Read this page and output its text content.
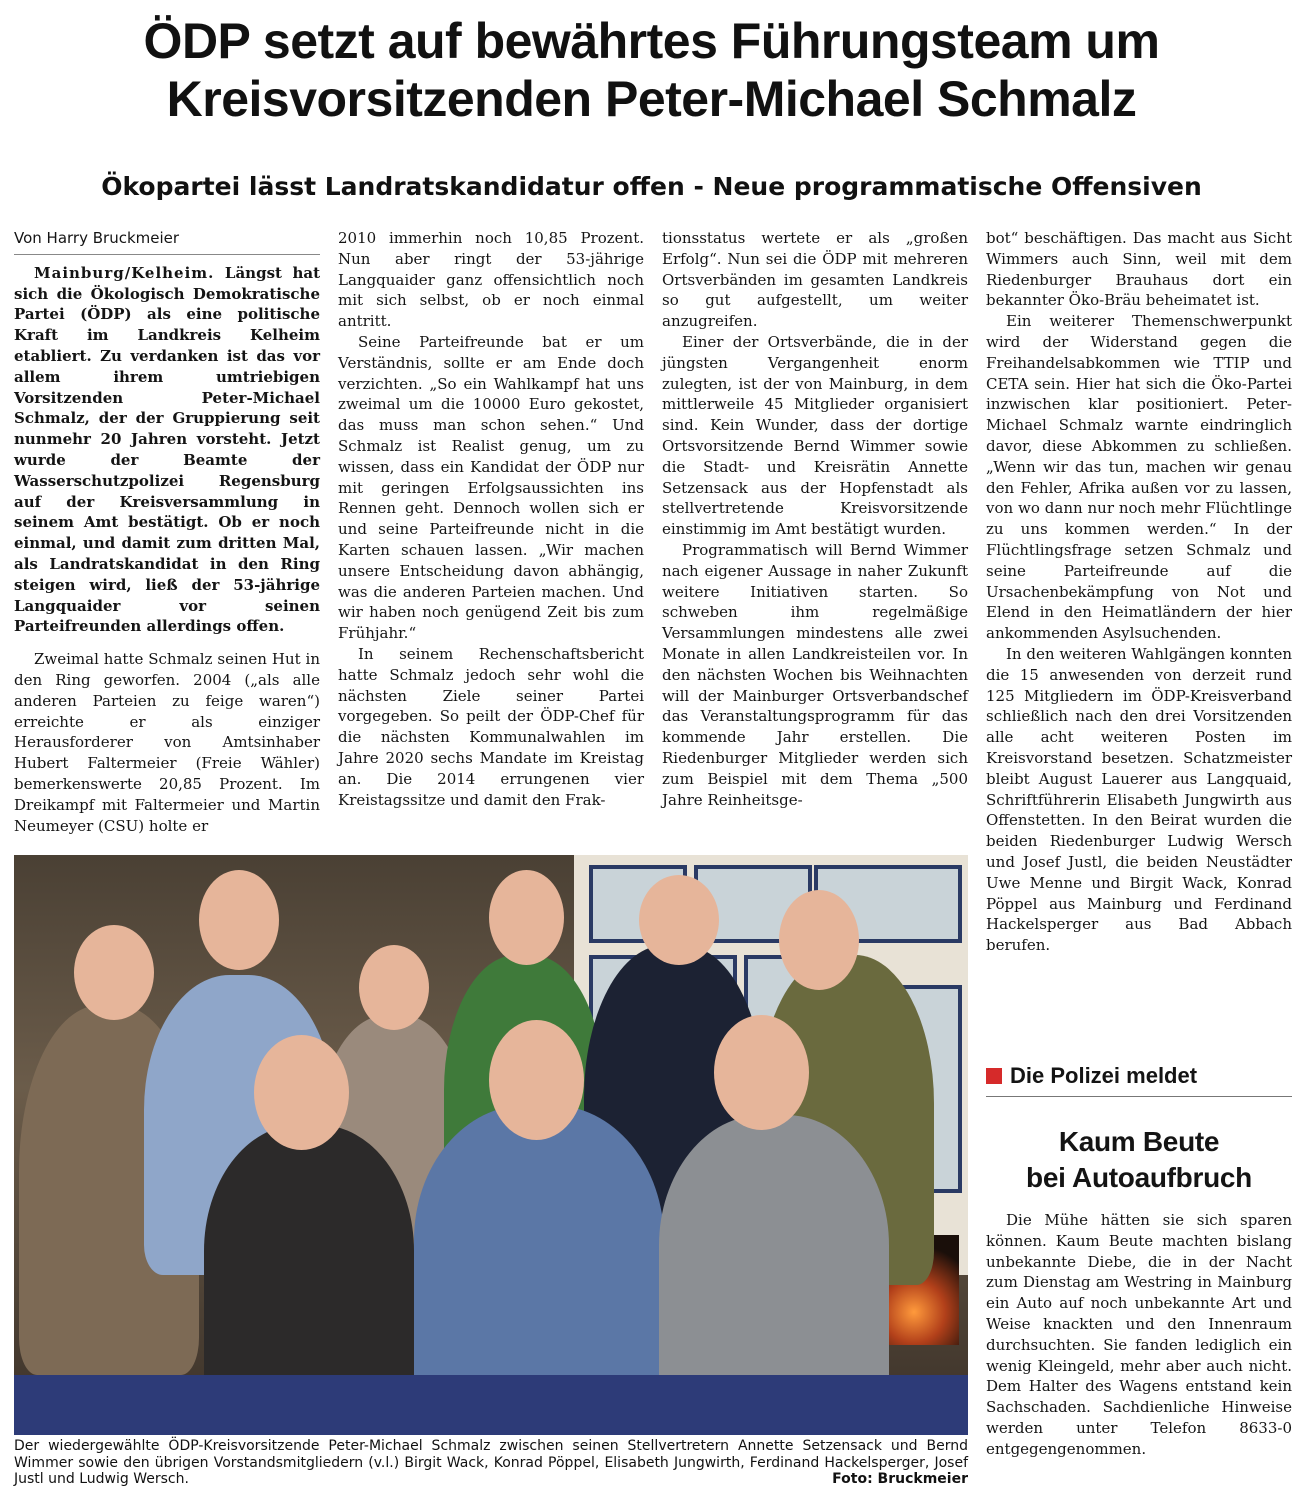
ÖDP setzt auf bewährtes Führungsteam um
Kreisvorsitzenden Peter-Michael Schmalz
Ökopartei lässt Landratskandidatur offen - Neue programmatische Offensiven
Von Harry Bruckmeier

Mainburg/Kelheim. Längst hat sich die Ökologisch Demokratische Partei (ÖDP) als eine politische Kraft im Landkreis Kelheim etabliert. Zu verdanken ist das vor allem ihrem umtriebigen Vorsitzenden Peter-Michael Schmalz, der der Gruppierung seit nunmehr 20 Jahren vorsteht. Jetzt wurde der Beamte der Wasserschutzpolizei Regensburg auf der Kreisversammlung in seinem Amt bestätigt. Ob er noch einmal, und damit zum dritten Mal, als Landratskandidat in den Ring steigen wird, ließ der 53-jährige Langquaider vor seinen Parteifreunden allerdings offen.

Zweimal hatte Schmalz seinen Hut in den Ring geworfen. 2004 („als alle anderen Parteien zu feige waren“) erreichte er als einziger Herausforderer von Amtsinhaber Hubert Faltermeier (Freie Wähler) bemerkenswerte 20,85 Prozent. Im Dreikampf mit Faltermeier und Martin Neumeyer (CSU) holte er

2010 immerhin noch 10,85 Prozent. Nun aber ringt der 53-jährige Langquaider ganz offensichtlich noch mit sich selbst, ob er noch einmal antritt.

Seine Parteifreunde bat er um Verständnis, sollte er am Ende doch verzichten. „So ein Wahlkampf hat uns zweimal um die 10000 Euro gekostet, das muss man schon sehen.“ Und Schmalz ist Realist genug, um zu wissen, dass ein Kandidat der ÖDP nur mit geringen Erfolgsaussichten ins Rennen geht. Dennoch wollen sich er und seine Parteifreunde nicht in die Karten schauen lassen. „Wir machen unsere Entscheidung davon abhängig, was die anderen Parteien machen. Und wir haben noch genügend Zeit bis zum Frühjahr.“

In seinem Rechenschaftsbericht hatte Schmalz jedoch sehr wohl die nächsten Ziele seiner Partei vorgegeben. So peilt der ÖDP-Chef für die nächsten Kommunalwahlen im Jahre 2020 sechs Mandate im Kreistag an. Die 2014 errungenen vier Kreistagssitze und damit den Frak-

tionsstatus wertete er als „großen Erfolg“. Nun sei die ÖDP mit mehreren Ortsverbänden im gesamten Landkreis so gut aufgestellt, um weiter anzugreifen.

Einer der Ortsverbände, die in der jüngsten Vergangenheit enorm zulegten, ist der von Mainburg, in dem mittlerweile 45 Mitglieder organisiert sind. Kein Wunder, dass der dortige Ortsvorsitzende Bernd Wimmer sowie die Stadt- und Kreisrätin Annette Setzensack aus der Hopfenstadt als stellvertretende Kreisvorsitzende einstimmig im Amt bestätigt wurden.

Programmatisch will Bernd Wimmer nach eigener Aussage in naher Zukunft weitere Initiativen starten. So schweben ihm regelmäßige Versammlungen mindestens alle zwei Monate in allen Landkreisteilen vor. In den nächsten Wochen bis Weihnachten will der Mainburger Ortsverbandschef das Veranstaltungsprogramm für das kommende Jahr erstellen. Die Riedenburger Mitglieder werden sich zum Beispiel mit dem Thema „500 Jahre Reinheitsge-

bot“ beschäftigen. Das macht aus Sicht Wimmers auch Sinn, weil mit dem Riedenburger Brauhaus dort ein bekannter Öko-Bräu beheimatet ist.

Ein weiterer Themenschwerpunkt wird der Widerstand gegen die Freihandelsabkommen wie TTIP und CETA sein. Hier hat sich die Öko-Partei inzwischen klar positioniert. Peter-Michael Schmalz warnte eindringlich davor, diese Abkommen zu schließen. „Wenn wir das tun, machen wir genau den Fehler, Afrika außen vor zu lassen, von wo dann nur noch mehr Flüchtlinge zu uns kommen werden.“ In der Flüchtlingsfrage setzen Schmalz und seine Parteifreunde auf die Ursachenbekämpfung von Not und Elend in den Heimatländern der hier ankommenden Asylsuchenden.

In den weiteren Wahlgängen konnten die 15 anwesenden von derzeit rund 125 Mitgliedern im ÖDP-Kreisverband schließlich nach den drei Vorsitzenden alle acht weiteren Posten im Kreisvorstand besetzen. Schatzmeister bleibt August Lauerer aus Langquaid, Schriftführerin Elisabeth Jungwirth aus Offenstetten. In den Beirat wurden die beiden Riedenburger Ludwig Wersch und Josef Justl, die beiden Neustädter Uwe Menne und Birgit Wack, Konrad Pöppel aus Mainburg und Ferdinand Hackelsperger aus Bad Abbach berufen.

Der wiedergewählte ÖDP-Kreisvorsitzende Peter-Michael Schmalz zwischen seinen Stellvertretern Annette Setzensack und Bernd Wimmer sowie den übrigen Vorstandsmitgliedern (v.l.) Birgit Wack, Konrad Pöppel, Elisabeth Jungwirth, Ferdinand Hackelsperger, Josef Justl und Ludwig Wersch.	Foto: Bruckmeier
Die Polizei meldet
Kaum Beute
bei Autoaufbruch

Die Mühe hätten sie sich sparen können. Kaum Beute machten bislang unbekannte Diebe, die in der Nacht zum Dienstag am Westring in Mainburg ein Auto auf noch unbekannte Art und Weise knackten und den Innenraum durchsuchten. Sie fanden lediglich ein wenig Kleingeld, mehr aber auch nicht. Dem Halter des Wagens entstand kein Sachschaden. Sachdienliche Hinweise werden unter Telefon 8633-0 entgegengenommen.
